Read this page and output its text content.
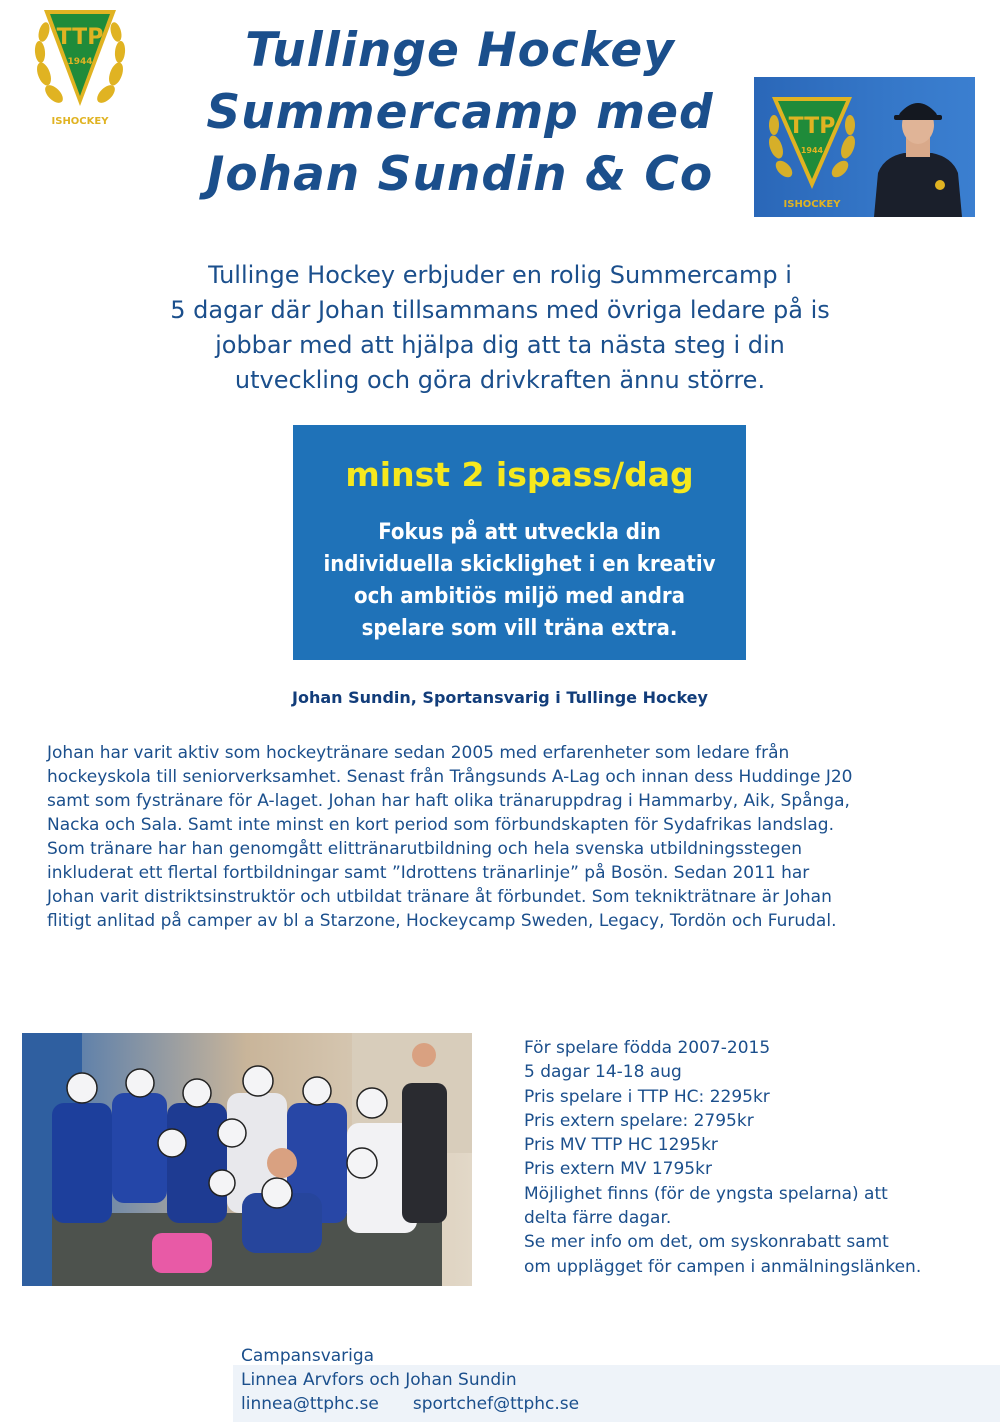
TTP
1944
ISHOCKEY
Tullinge Hockey
Summercamp med
Johan Sundin & Co
TTP
1944
ISHOCKEY
Tullinge Hockey erbjuder en rolig Summercamp i
5 dagar där Johan tillsammans med övriga ledare på is
jobbar med att hjälpa dig att ta nästa steg i din
utveckling och göra drivkraften ännu större.
minst 2 ispass/dag
Fokus på att utveckla din
individuella skicklighet i en kreativ
och ambitiös miljö med andra
spelare som vill träna extra.
Johan Sundin, Sportansvarig i Tullinge Hockey
Johan har varit aktiv som hockeytränare sedan 2005 med erfarenheter som ledare från
hockeyskola till seniorverksamhet. Senast från Trångsunds A-Lag och innan dess Huddinge J20
samt som fystränare för A-laget. Johan har haft olika tränaruppdrag i Hammarby, Aik, Spånga,
Nacka och Sala. Samt inte minst en kort period som förbundskapten för Sydafrikas landslag.
Som tränare har han genomgått elittränarutbildning och hela svenska utbildningsstegen
inkluderat ett flertal fortbildningar samt ”Idrottens tränarlinje” på Bosön. Sedan 2011 har
Johan varit distriktsinstruktör och utbildat tränare åt förbundet. Som teknikträtnare är Johan
flitigt anlitad på camper av bl a Starzone, Hockeycamp Sweden, Legacy, Tordön och Furudal.
För spelare födda 2007-2015
5 dagar 14-18 aug
Pris spelare i TTP HC: 2295kr
Pris extern spelare: 2795kr
Pris MV TTP HC 1295kr
Pris extern MV 1795kr
Möjlighet finns (för de yngsta spelarna) att
delta färre dagar.
Se mer info om det, om syskonrabatt samt
om upplägget för campen i anmälningslänken.
Campansvariga
Linnea Arvfors och Johan Sundin
linnea@ttphc.se sportchef@ttphc.se
